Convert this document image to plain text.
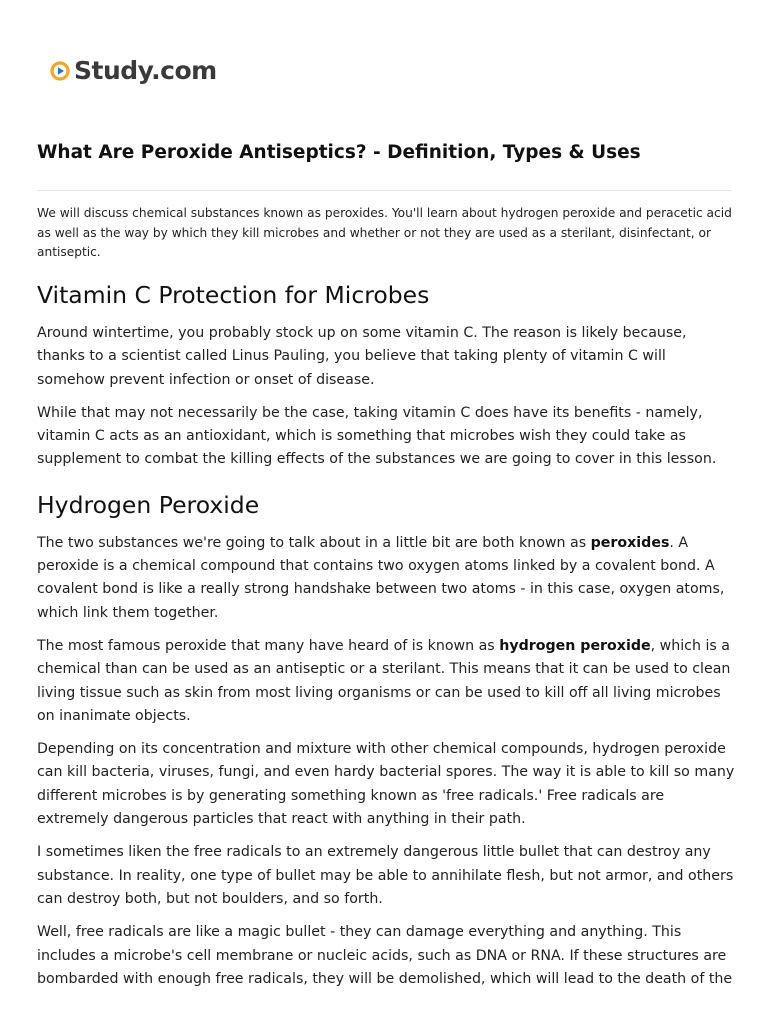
Study.com
What Are Peroxide Antiseptics? - Definition, Types & Uses

We will discuss chemical substances known as peroxides. You'll learn about hydrogen peroxide and peracetic acid as well as the way by which they kill microbes and whether or not they are used as a sterilant, disinfectant, or antiseptic.

Vitamin C Protection for Microbes

Around wintertime, you probably stock up on some vitamin C. The reason is likely because, thanks to a scientist called Linus Pauling, you believe that taking plenty of vitamin C will somehow prevent infection or onset of disease.

While that may not necessarily be the case, taking vitamin C does have its benefits - namely, vitamin C acts as an antioxidant, which is something that microbes wish they could take as supplement to combat the killing effects of the substances we are going to cover in this lesson.

Hydrogen Peroxide

The two substances we're going to talk about in a little bit are both known as peroxides. A peroxide is a chemical compound that contains two oxygen atoms linked by a covalent bond. A covalent bond is like a really strong handshake between two atoms - in this case, oxygen atoms, which link them together.

The most famous peroxide that many have heard of is known as hydrogen peroxide, which is a chemical than can be used as an antiseptic or a sterilant. This means that it can be used to clean living tissue such as skin from most living organisms or can be used to kill off all living microbes on inanimate objects.

Depending on its concentration and mixture with other chemical compounds, hydrogen peroxide can kill bacteria, viruses, fungi, and even hardy bacterial spores. The way it is able to kill so many different microbes is by generating something known as 'free radicals.' Free radicals are extremely dangerous particles that react with anything in their path.

I sometimes liken the free radicals to an extremely dangerous little bullet that can destroy any substance. In reality, one type of bullet may be able to annihilate flesh, but not armor, and others can destroy both, but not boulders, and so forth.

Well, free radicals are like a magic bullet - they can damage everything and anything. This includes a microbe's cell membrane or nucleic acids, such as DNA or RNA. If these structures are bombarded with enough free radicals, they will be demolished, which will lead to the death of the
